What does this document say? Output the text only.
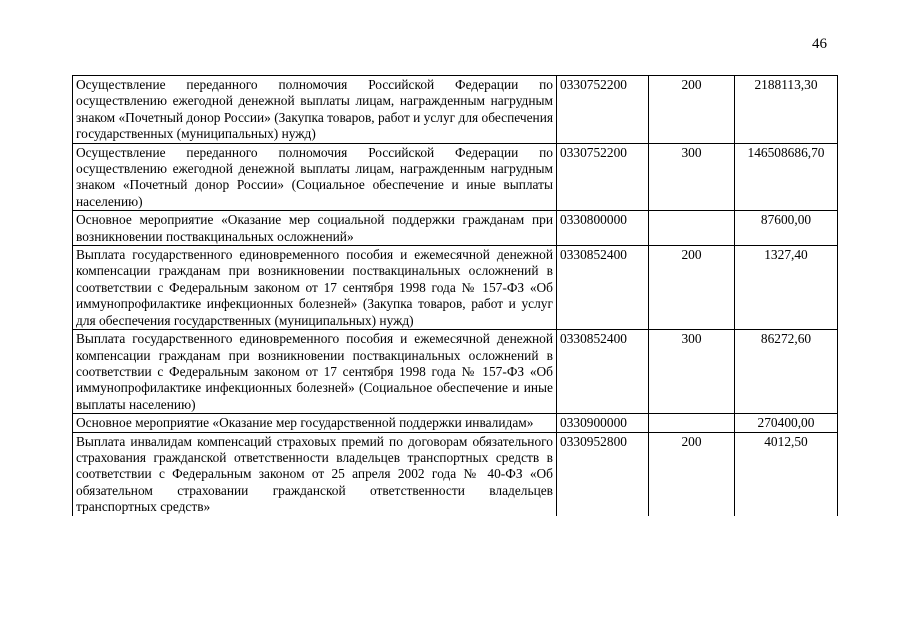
46
Осуществление переданного полномочия Российской Федерации по осуществлению ежегодной денежной выплаты лицам, награжденным нагрудным знаком «Почетный донор России» (Закупка товаров, работ и услуг для обеспечения государственных (муниципальных) нужд)	0330752200	200	2188113,30
Осуществление переданного полномочия Российской Федерации по осуществлению ежегодной денежной выплаты лицам, награжденным нагрудным знаком «Почетный донор России» (Социальное обеспечение и иные выплаты населению)	0330752200	300	146508686,70
Основное мероприятие «Оказание мер социальной поддержки гражданам при возникновении поствакцинальных осложнений»	0330800000		87600,00
Выплата государственного единовременного пособия и ежемесячной денежной компенсации гражданам при возникновении поствакцинальных осложнений в соответствии с Федеральным законом от 17 сентября 1998 года № 157-ФЗ «Об иммунопрофилактике инфекционных болезней» (Закупка товаров, работ и услуг для обеспечения государственных (муниципальных) нужд)	0330852400	200	1327,40
Выплата государственного единовременного пособия и ежемесячной денежной компенсации гражданам при возникновении поствакцинальных осложнений в соответствии с Федеральным законом от 17 сентября 1998 года № 157-ФЗ «Об иммунопрофилактике инфекционных болезней» (Социальное обеспечение и иные выплаты населению)	0330852400	300	86272,60
Основное мероприятие «Оказание мер государственной поддержки инвалидам»	0330900000		270400,00
Выплата инвалидам компенсаций страховых премий по договорам обязательного страхования гражданской ответственности владельцев транспортных средств в соответствии с Федеральным законом от 25 апреля 2002 года № 40-ФЗ «Об обязательном страховании гражданской ответственности владельцев транспортных средств»	0330952800	200	4012,50
